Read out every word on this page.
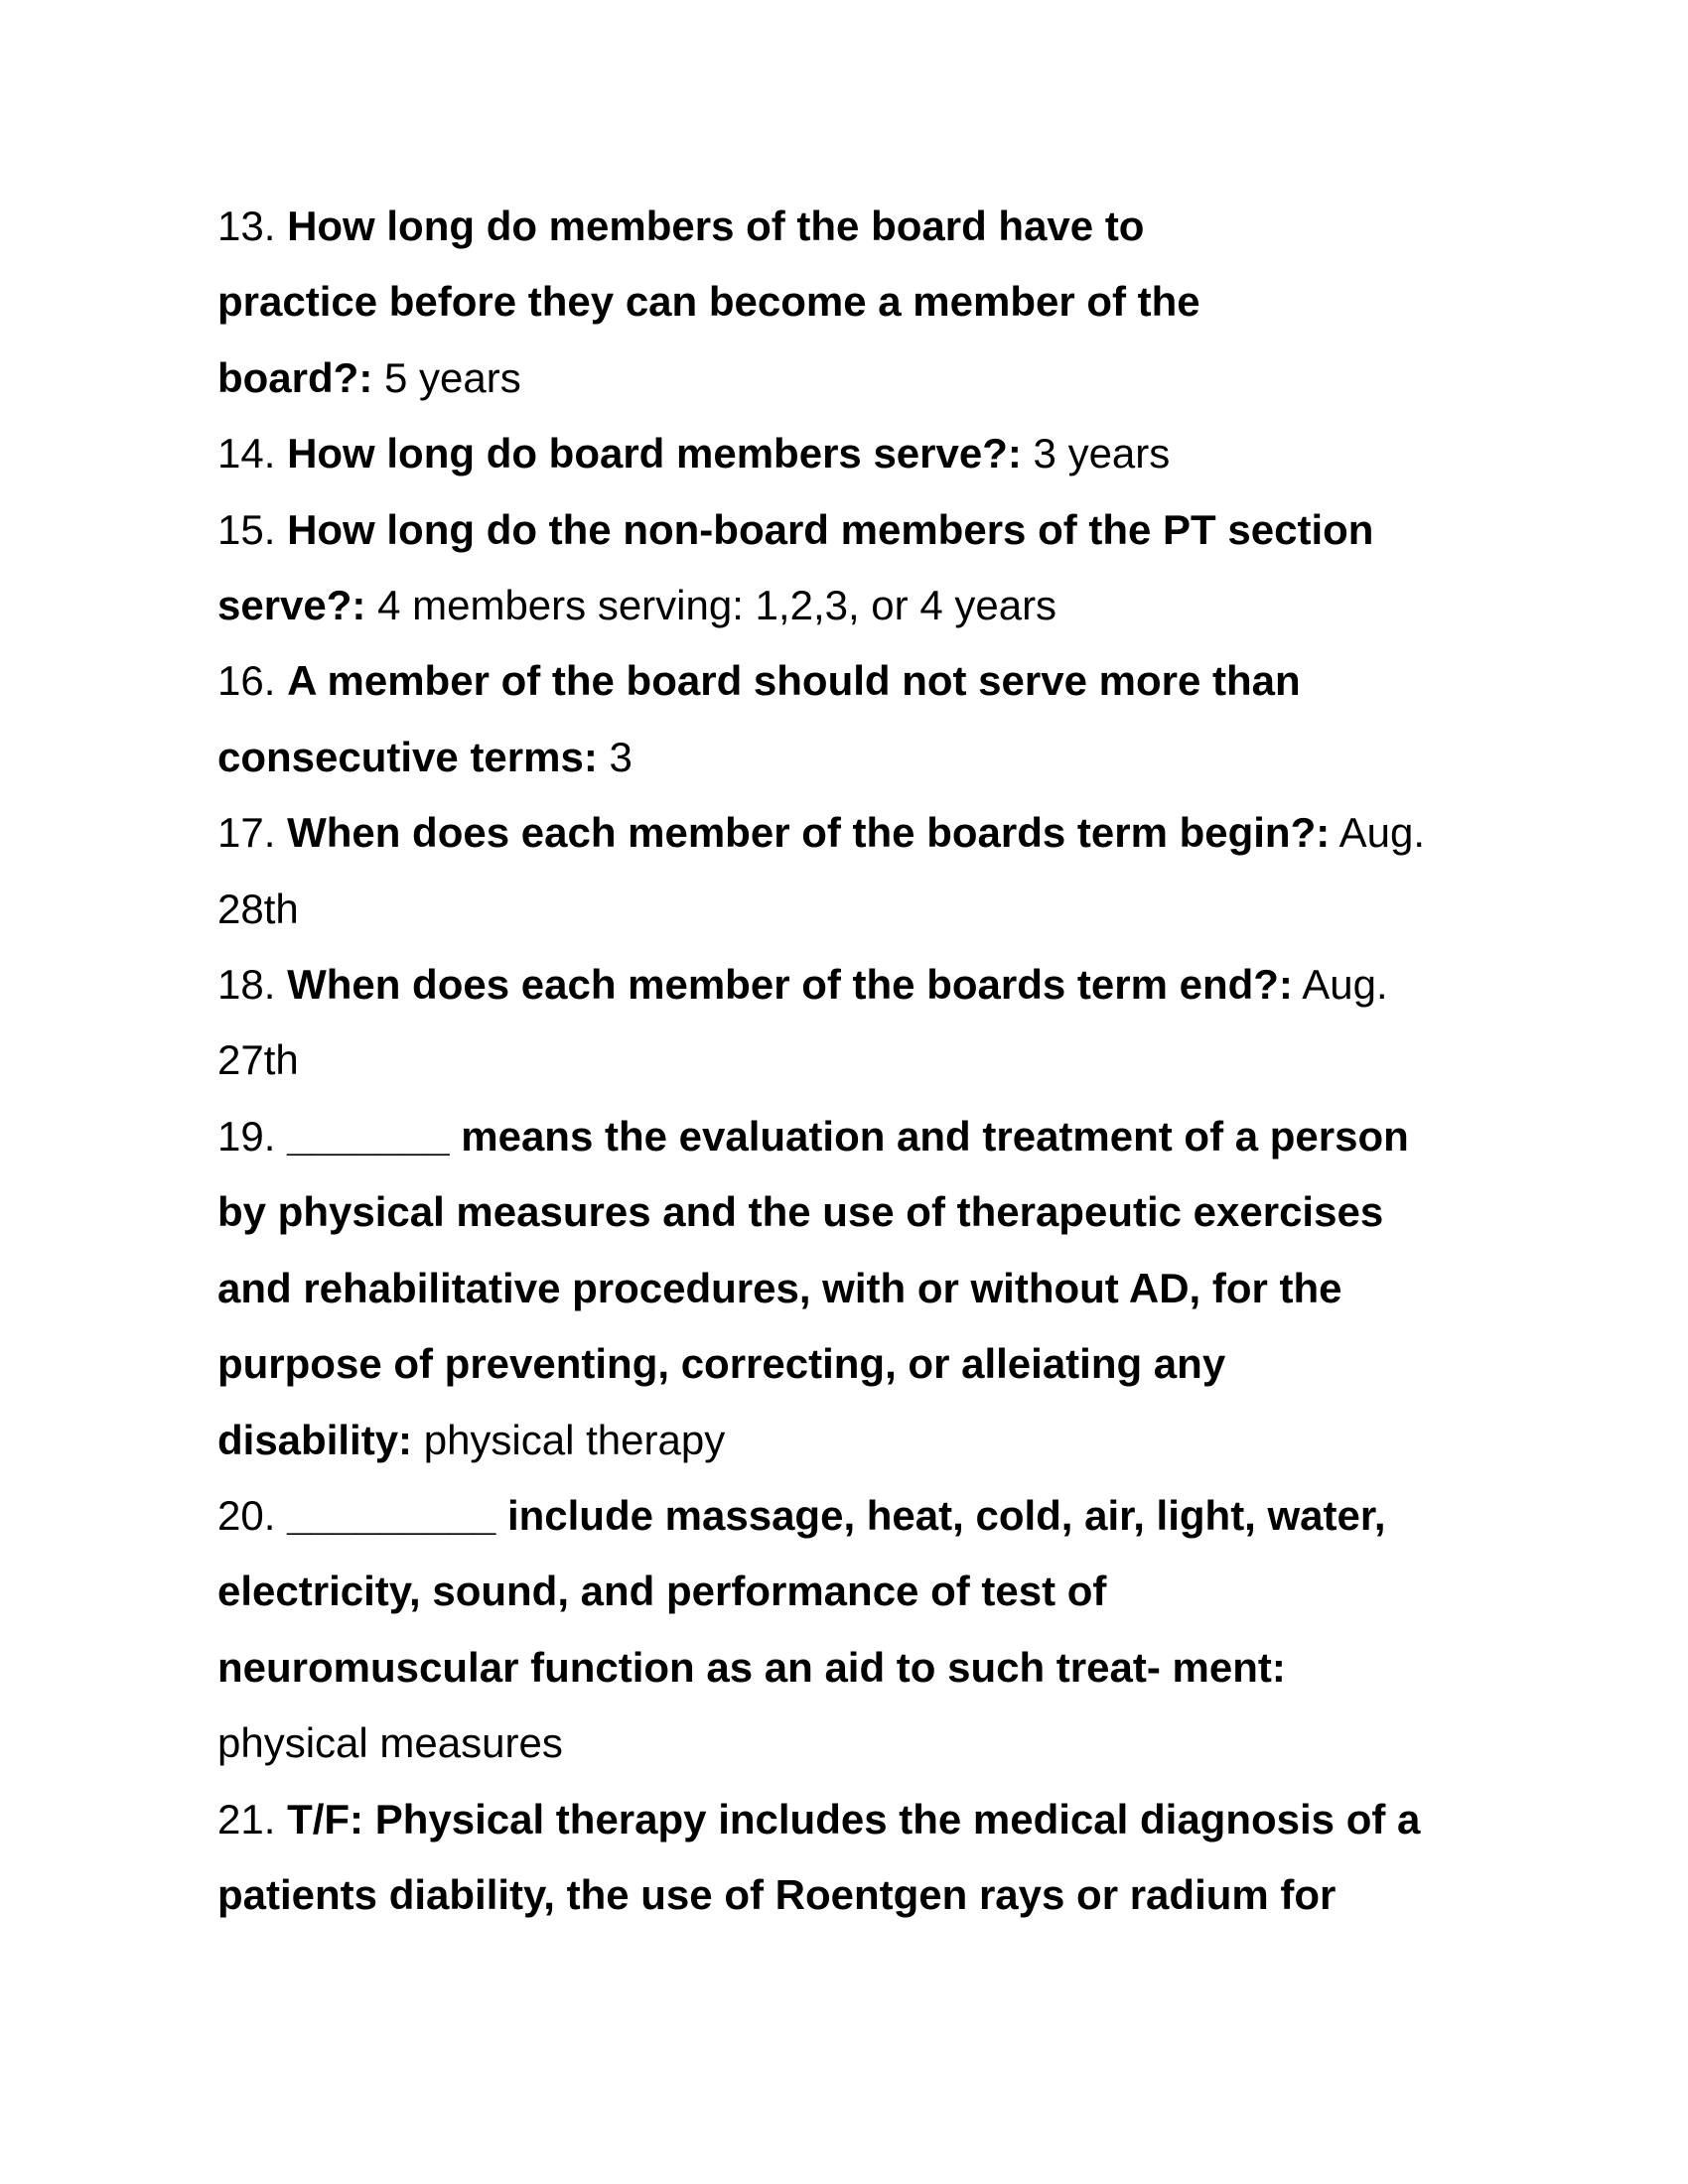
13. How long do members of the board have to
practice before they can become a member of the
board?: 5 years
14. How long do board members serve?: 3 years
15. How long do the non-board members of the PT section
serve?: 4 members serving: 1,2,3, or 4 years
16. A member of the board should not serve more than
consecutive terms: 3
17. When does each member of the boards term begin?: Aug.
28th
18. When does each member of the boards term end?: Aug.
27th
19. _______ means the evaluation and treatment of a person
by physical measures and the use of therapeutic exercises
and rehabilitative procedures, with or without AD, for the
purpose of preventing, correcting, or alleiating any
disability: physical therapy
20. _________ include massage, heat, cold, air, light, water,
electricity, sound, and performance of test of
neuromuscular function as an aid to such treat- ment:
physical measures
21. T/F: Physical therapy includes the medical diagnosis of a
patients diability, the use of Roentgen rays or radium for
